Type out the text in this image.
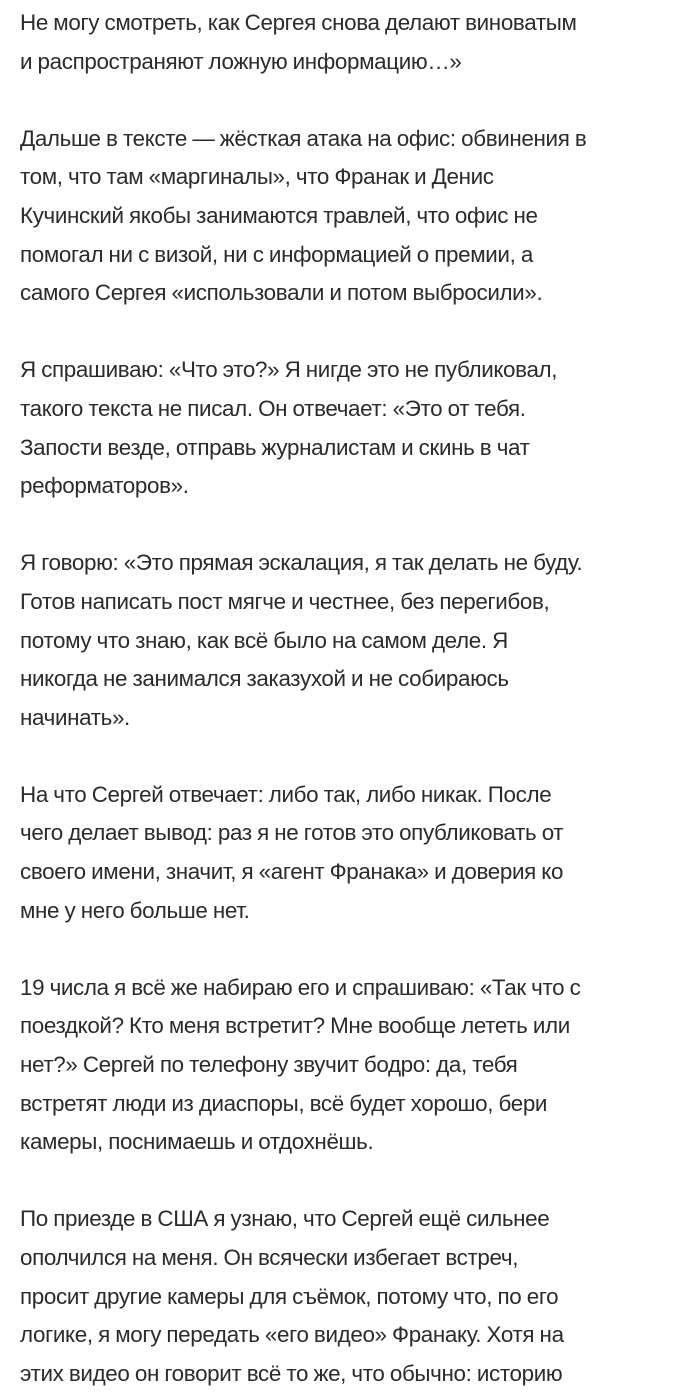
Не могу смотреть, как Сергея снова делают виноватым
и распространяют ложную информацию…»

Дальше в тексте — жёсткая атака на офис: обвинения в
том, что там «маргиналы», что Франак и Денис
Кучинский якобы занимаются травлей, что офис не
помогал ни с визой, ни с информацией о премии, а
самого Сергея «использовали и потом выбросили».

Я спрашиваю: «Что это?» Я нигде это не публиковал,
такого текста не писал. Он отвечает: «Это от тебя.
Запости везде, отправь журналистам и скинь в чат
реформаторов».

Я говорю: «Это прямая эскалация, я так делать не буду.
Готов написать пост мягче и честнее, без перегибов,
потому что знаю, как всё было на самом деле. Я
никогда не занимался заказухой и не собираюсь
начинать».

На что Сергей отвечает: либо так, либо никак. После
чего делает вывод: раз я не готов это опубликовать от
своего имени, значит, я «агент Франака» и доверия ко
мне у него больше нет.

19 числа я всё же набираю его и спрашиваю: «Так что с
поездкой? Кто меня встретит? Мне вообще лететь или
нет?» Сергей по телефону звучит бодро: да, тебя
встретят люди из диаспоры, всё будет хорошо, бери
камеры, поснимаешь и отдохнёшь.

По приезде в США я узнаю, что Сергей ещё сильнее
ополчился на меня. Он всячески избегает встреч,
просит другие камеры для съёмок, потому что, по его
логике, я могу передать «его видео» Франаку. Хотя на
этих видео он говорит всё то же, что обычно: историю
